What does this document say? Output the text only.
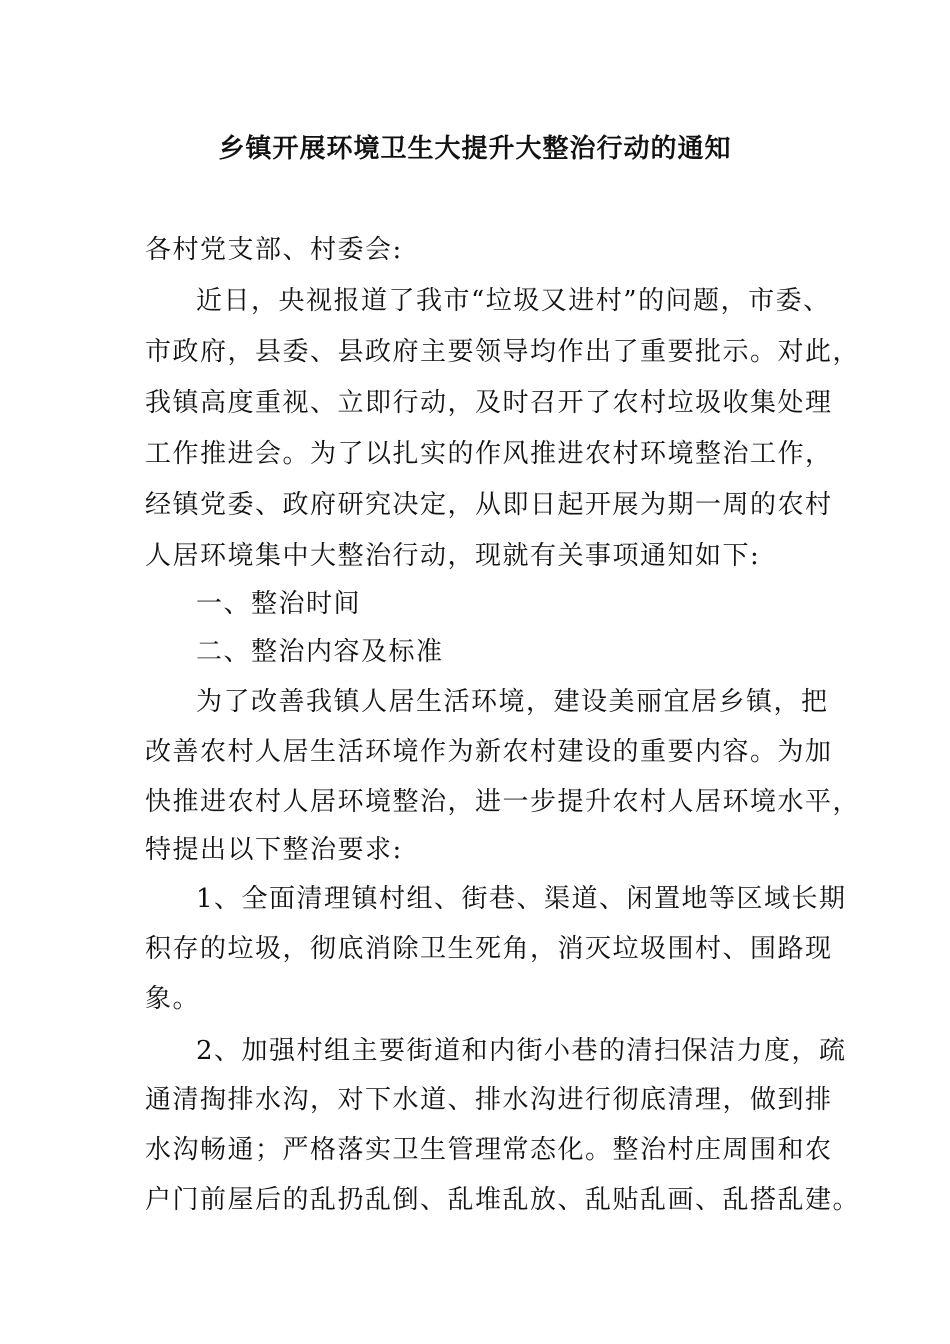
乡镇开展环境卫生大提升大整治行动的通知
各村党支部、村委会:
近日，央视报道了我市“垃圾又进村”的问题，市委、
市政府，县委、县政府主要领导均作出了重要批示。对此，
我镇高度重视、立即行动，及时召开了农村垃圾收集处理
工作推进会。为了以扎实的作风推进农村环境整治工作，
经镇党委、政府研究决定，从即日起开展为期一周的农村
人居环境集中大整治行动，现就有关事项通知如下:
一、整治时间
二、整治内容及标准
为了改善我镇人居生活环境，建设美丽宜居乡镇，把
改善农村人居生活环境作为新农村建设的重要内容。为加
快推进农村人居环境整治，进一步提升农村人居环境水平，
特提出以下整治要求:
1、全面清理镇村组、街巷、渠道、闲置地等区域长期
积存的垃圾，彻底消除卫生死角，消灭垃圾围村、围路现
象。
2、加强村组主要街道和内街小巷的清扫保洁力度，疏
通清掏排水沟，对下水道、排水沟进行彻底清理，做到排
水沟畅通；严格落实卫生管理常态化。整治村庄周围和农
户门前屋后的乱扔乱倒、乱堆乱放、乱贴乱画、乱搭乱建。
